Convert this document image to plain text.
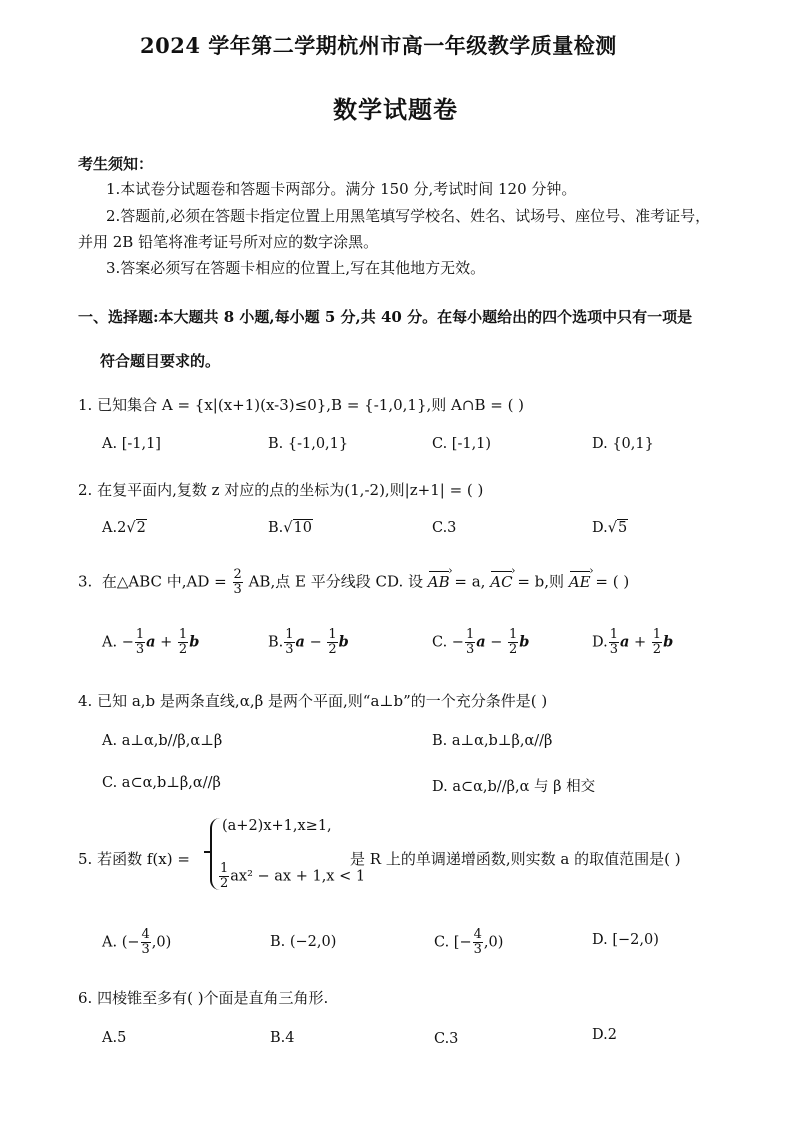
2024 学年第二学期杭州市高一年级教学质量检测
数学试题卷
考生须知：
1.本试卷分试题卷和答题卡两部分。满分 150 分,考试时间 120 分钟。
2.答题前,必须在答题卡指定位置上用黑笔填写学校名、姓名、试场号、座位号、准考证号，
并用 2B 铅笔将准考证号所对应的数字涂黑。
3.答案必须写在答题卡相应的位置上,写在其他地方无效。
一、选择题:本大题共 8 小题,每小题 5 分,共 40 分。在每小题给出的四个选项中只有一项是
符合题目要求的。
1. 已知集合 A = {x|(x+1)(x-3)≤0},B = {-1,0,1},则 A∩B = ( )
A. [-1,1]	B. {-1,0,1}	C. [-1,1)	D. {0,1}
2. 在复平面内,复数 z 对应的点的坐标为(1,-2),则|z+1| = ( )
A.2√2	B.√10	C.3	D.√5
3. 在△ABC 中$,AD = \frac{2}{3}$ AB,点 E 平分线段 CD. 设 AB › = a, AC › = b,则 AE › = ( )
A. − $\frac{1}{3}$ $a + \frac{1}{2}$ b	B. $\frac{1}{3}$ $a - \frac{1}{2}$ b	C. − $\frac{1}{3}$ $a - \frac{1}{2}$ b	D. $\frac{1}{3}$ $a + \frac{1}{2}$ b
4. 已知 a,b 是两条直线,α,β 是两个平面,则“a⊥b”的一个充分条件是( )
A. a⊥α,b//β,α⊥β	B. a⊥α,b⊥β,α//β
C. a⊂α,b⊥β,α//β	D. a⊂α,b//β,α 与 β 相交
5. 若函数 f(x) =
(a+2)x+1,x≥1,
$\frac{1}{2} ax^2$ − ax + 1,x < 1
是 R 上的单调递增函数,则实数 a 的取值范围是( )
A. (− $\frac{4}{3} ,0$)	B. (−2,0)	C. [− $\frac{4}{3} ,0$)	D. [−2,0)
6. 四棱锥至多有( )个面是直角三角形.
A.5	B.4	C.3	D.2
